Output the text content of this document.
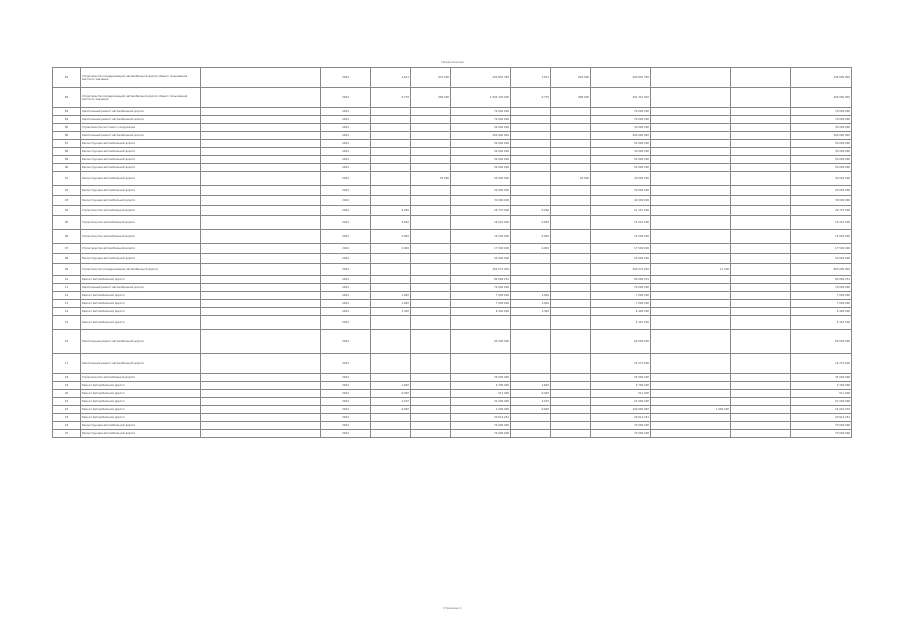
Продолжение
81	Строительство (модернизация) автомобильной дороги общего пользования местного значения		2024	1,611	631 000	200 852 780	1,611	829 000	200 852 780			240 000 000
82	Строительство (модернизация) автомобильной дороги общего пользования местного значения		2024	0,776	966 000	1 000 140 000	0,776	986 000	201 314 920			400 000 000
83	Капитальный ремонт автомобильной дороги	-	2024			70 000 000			70 000 000			70 000 000
84	Капитальный ремонт автомобильной дороги	-	2024			70 000 000			70 000 000			70 000 000
85	Строительство мостового сооружения	-	2024			30 000 000			30 000 000			30 000 000
86	Капитальный ремонт автомобильной дороги	-	2024			200 000 000			200 000 000			200 000 000
87	Реконструкция автомобильной дороги	-	2024			50 000 000			50 000 000			50 000 000
88	Реконструкция автомобильной дороги	-	2024			30 000 000			30 000 000			30 000 000
89	Реконструкция автомобильной дороги	-	2024			50 000 000			50 000 000			50 000 000
90	Реконструкция автомобильной дороги	-	2024			50 000 000			50 000 000			50 000 000
91	Реконструкция автомобильной дороги		2024		30 000	30 000 000		40 000	30 000 000			30 000 000
92	Реконструкция автомобильной дороги	-	2024			20 000 000			20 000 000			20 000 000
93	Реконструкция автомобильной дороги	-	2024			30 000 000			40 000 000			30 000 000
94	Строительство автомобильной дороги	-	2024	0,260		29 770 000	0,260		21 151 000			29 770 000
95	Строительство автомобильной дороги	-	2024	0,830		16 210 000	0,830		16 210 000			16 210 000
96	Строительство автомобильной дороги	-	2024	0,900		14 000 000	0,900		14 006 000			14 000 000
97	Строительство автомобильной дороги	-	2024	0,900		17 500 000	0,900		17 500 000			17 500 000
98	Реконструкция автомобильной дороги	-	2024			50 000 000			50 000 000			50 000 000
99	Строительство (модернизация) автомобильной дороги	-	2024			300 073 200			300 073 200	11 400		800 000 000
10	Ремонт автомобильной дороги	-	2024			80 084 251			80 084 251			80 084 251
11	Капитальный ремонт автомобильной дороги	-	2024			70 000 000			70 000 000			70 000 000
12	Ремонт автомобильной дороги	-	2024	1,000		7 000 000	1,000		7 000 000			7 000 000
13	Ремонт автомобильной дороги	-	2024	1,000		7 000 000	1,000		7 000 000			7 000 000
14	Ремонт автомобильной дороги	-	2024	1,300		6 400 000	1,300		6 400 000			6 400 000
15	Ремонт автомобильной дороги		2024						6 161 500			6 161 500
16	Капитальный ремонт автомобильной дороги		2024			60 000 000			60 000 000			60 000 000
17	Капитальный ремонт автомобильной дороги	-	2024						14 272 600			14 272 600
18	Строительство автомобильной дороги	-	2024			35 000 000			35 000 000			35 000 000
19	Ремонт автомобильной дороги	-	2024	1,600		9 700 000	1,600		9 700 000			9 700 000
20	Ремонт автомобильной дороги	-	2024	0,300		511 000	0,300		511 000			511 000
21	Ремонт автомобильной дороги	-	2024	2,070		21 000 000	2,070		21 000 000			21 000 000
22	Ремонт автомобильной дороги	-	2024	0,000		1 000 000	0,000		100 000 000	1 000 000		24 022 070
23	Ремонт автомобильной дороги		2024			20 614 251			20 614 251			20 614 251
24	Реконструкция автомобильной дороги	-	2024			70 000 000			70 000 000			70 000 000
25	Реконструкция автомобильной дороги	-	2024			70 000 000			70 000 000			70 000 000
Страница 1
